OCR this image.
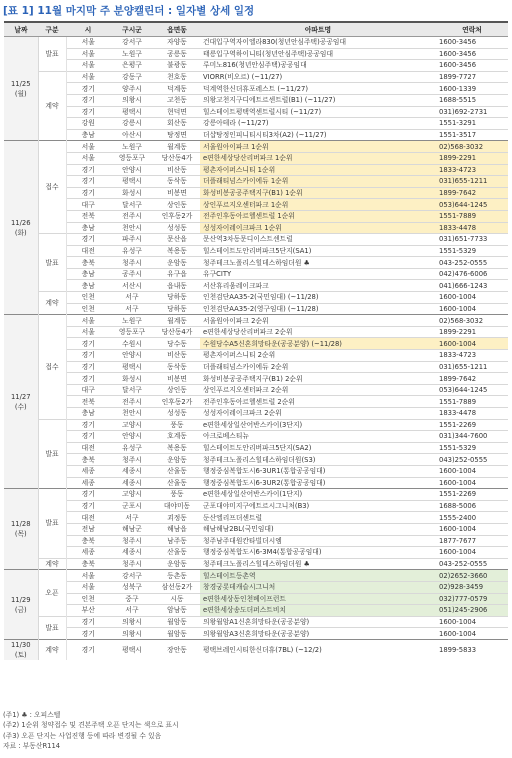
[표 1] 11월 마지막 주 분양캘린더 : 일자별 상세 일정
날짜	구분	시	구시군	읍면동	아파트명	연락처

11/25
(월)	발표	서울	강서구	자양동	건대입구역자이엘라830(청년안심주택)공공임대	1600-3456
		서울	노원구	공릉동	태릉입구역하이니티(청년안심주택)공공임대	1600-3456
		서울	은평구	불광동	루미노816(청년안심주택)공공임대	1600-3456
	계약	서울	강동구	천호동	VIORR(비오르) (~11/27)	1899-7727
		경기	양주시	덕계동	덕계역한신더휴포레스트 (~11/27)	1600-1339
		경기	의왕시	고천동	의왕고천지구디에트르센트럴(B1) (~11/27)	1688-5515
		경기	평택시	현덕면	힐스테이트평택역센트럴시티 (~11/27)	031)692-2731
		강원	강릉시	회산동	강릉아테라 (~11/27)	1551-3291
		충남	아산시	탕정면	더샵탕정인피니티시티3차(A2) (~11/27)	1551-3517

11/26
(화)	접수	서울	노원구	월계동	서울원아이파크 1순위	02)568-3032
		서울	영등포구	당산동4가	e편한세상당산리버파크 1순위	1899-2291
		경기	안양시	비산동	평촌자이퍼스니티 1순위	1833-4723
		경기	평택시	동삭동	더플래티넘스카이에듀 1순위	031)655-1211
		경기	화성시	비봉면	화성비봉공공주택지구(B1) 1순위	1899-7642
		대구	달서구	상인동	상인푸르지오센터파크 1순위	053)644-1245
		전북	전주시	인후동2가	전주인후동아르헬센트럴 1순위	1551-7889
		충남	천안시	성성동	성성자이레이크파크 1순위	1833-4478
	발표	경기	파주시	문산읍	문산역3차동문디이스트센트럴	031)651-7733
		대전	유성구	복용동	힐스테이트도안리버파크5단지(SA1)	1551-5329
		충북	청주시	운암동	청주테크노폴리스힐데스하임더원 ♣	043-252-0555
		충남	공주시	유구읍	유구CITY	042)476-6006
		충남	서산시	읍내동	서산휴리움레이크파크	041)666-1243
	계약	인천	서구	당하동	인천검단AA35-2(국민임대) (~11/28)	1600-1004
		인천	서구	당하동	인천검단AA35-2(영구임대) (~11/28)	1600-1004

11/27
(수)	접수	서울	노원구	월계동	서울원아이파크 2순위	02)568-3032
		서울	영등포구	당산동4가	e편한세상당산리버파크 2순위	1899-2291
		경기	수원시	당수동	수원당수A5신혼희망타운(공공분양) (~11/28)	1600-1004
		경기	안양시	비산동	평촌자이퍼스니티 2순위	1833-4723
		경기	평택시	동삭동	더플래티넘스카이에듀 2순위	031)655-1211
		경기	화성시	비봉면	화성비봉공공주택지구(B1) 2순위	1899-7642
		대구	달서구	상인동	상인푸르지오센터파크 2순위	053)644-1245
		전북	전주시	인후동2가	전주인후동아르헬센트럴 2순위	1551-7889
		충남	천안시	성성동	성성자이레이크파크 2순위	1833-4478
	발표	경기	고양시	풍동	e편한세상일산어반스카이(3단지)	1551-2269
		경기	안양시	호계동	아크로베스티뉴	031)344-7600
		대전	유성구	복용동	힐스테이트도안리버파크5단지(SA2)	1551-5329
		충북	청주시	운암동	청주테크노폴리스힐데스하임더원(S3)	043)252-0555
		세종	세종시	산울동	행정중심복합도시6-3UR1(통합공공임대)	1600-1004
		세종	세종시	산울동	행정중심복합도시6-3UR2(통합공공임대)	1600-1004

11/28
(목)	발표	경기	고양시	풍동	e편한세상일산어반스카이(1단지)	1551-2269
		경기	군포시	대야미동	군포대야미지구에트르시그니처(B3)	1688-5006
		대전	서구	괴정동	둔산엘리프더센트럴	1555-2400
		전남	해남군	해남읍	해남해남2BL(국민임대)	1600-1004
		충북	청주시	남주동	청주남주대원칸타빌더시엠	1877-7677
		세종	세종시	산울동	행정중심복합도시6-3M4(통합공공임대)	1600-1004
	계약	충북	청주시	운암동	청주테크노폴리스힐데스하임더원 ♣	043-252-0555

11/29
(금)	오픈	서울	강서구	등촌동	힐스테이트등촌역	02)2652-3660
		서울	성북구	삼선동2가	창경궁롯데캐슬시그니처	02)928-3459
		인천	중구	시동	e편한세상동인천베이프런트	032)777-0579
		부산	서구	암남동	e편한세상송도더퍼스트비치	051)245-2906
	발표	경기	의왕시	월암동	의왕월암A1신혼희망타운(공공분양)	1600-1004
		경기	의왕시	월암동	의왕월암A3신혼희망타운(공공분양)	1600-1004

11/30
(토)	계약	경기	평택시	장안동	평택브레인시티한신더휴(7BL) (~12/2)	1899-5833
(주1) ♣ : 오피스텔
(주2) 1순위 청약접수 및 견본주택 오픈 단지는 색으로 표시
(주3) 오픈 단지는 사업진행 등에 따라 변경될 수 있음
자료 : 부동산R114
